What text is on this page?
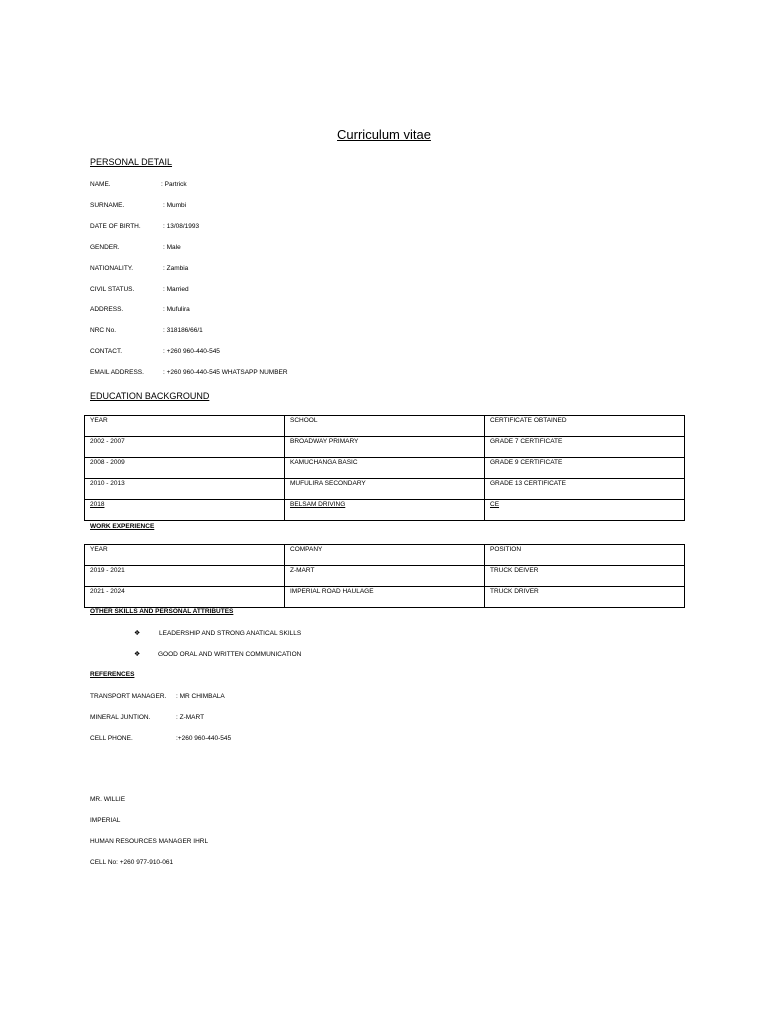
Curriculum vitae
PERSONAL DETAIL
NAME.	: Partrick
SURNAME.	: Mumbi
DATE OF BIRTH.	: 13/08/1993
GENDER.	: Male
NATIONALITY.	: Zambia
CIVIL STATUS.	: Married
ADDRESS.	: Mufulira
NRC No.	: 318186/66/1
CONTACT.	: +260 960-440-545
EMAIL ADDRESS.	: +260 960-440-545 WHATSAPP NUMBER
EDUCATION BACKGROUND
YEAR	SCHOOL	CERTIFICATE OBTAINED
2002 - 2007	BROADWAY PRIMARY	GRADE 7 CERTIFICATE
2008 - 2009	KAMUCHANGA BASIC	GRADE 9 CERTIFICATE
2010 - 2013	MUFULIRA SECONDARY	GRADE 13 CERTIFICATE
2018	BELSAM DRIVING	CE
WORK EXPERIENCE
YEAR	COMPANY	POSITION
2019 - 2021	Z-MART	TRUCK DEIVER
2021 - 2024	IMPERIAL ROAD HAULAGE	TRUCK DRIVER
OTHER SKILLS AND PERSONAL ATTRIBUTES
❖	LEADERSHIP AND STRONG ANATICAL SKILLS
❖	GOOD ORAL AND WRITTEN COMMUNICATION
REFERENCES
TRANSPORT MANAGER. : MR CHIMBALA
MINERAL JUNTION.	: Z-MART
CELL PHONE.	:+260 960-440-545
MR. WILLIE
IMPERIAL
HUMAN RESOURCES MANAGER IHRL
CELL No: +260 977-910-061
